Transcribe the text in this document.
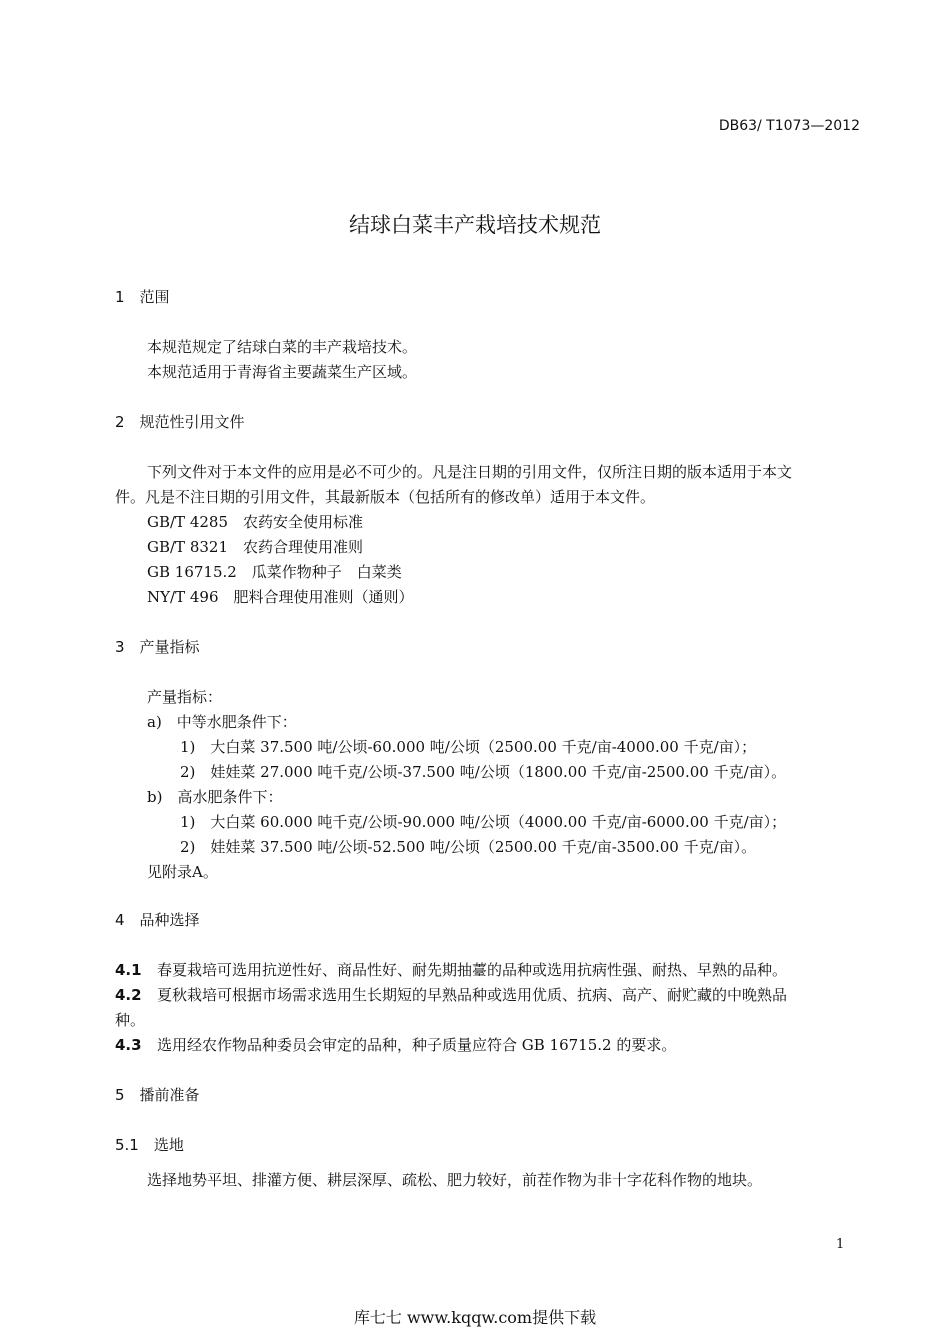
DB63/ T1073—2012
结球白菜丰产栽培技术规范
1　范围
本规范规定了结球白菜的丰产栽培技术。
本规范适用于青海省主要蔬菜生产区域。
2　规范性引用文件
下列文件对于本文件的应用是必不可少的。凡是注日期的引用文件，仅所注日期的版本适用于本文
件。凡是不注日期的引用文件，其最新版本（包括所有的修改单）适用于本文件。
GB/T 4285　农药安全使用标准
GB/T 8321　农药合理使用准则
GB 16715.2　瓜菜作物种子　白菜类
NY/T 496　肥料合理使用准则（通则）
3　产量指标
产量指标：
a)　中等水肥条件下：
1)　大白菜 37.500 吨/公顷-60.000 吨/公顷（2500.00 千克/亩-4000.00 千克/亩）；
2)　娃娃菜 27.000 吨千克/公顷-37.500 吨/公顷（1800.00 千克/亩-2500.00 千克/亩）。
b)　高水肥条件下：
1)　大白菜 60.000 吨千克/公顷-90.000 吨/公顷（4000.00 千克/亩-6000.00 千克/亩）；
2)　娃娃菜 37.500 吨/公顷-52.500 吨/公顷（2500.00 千克/亩-3500.00 千克/亩）。
见附录A。
4　品种选择
4.1 春夏栽培可选用抗逆性好、商品性好、耐先期抽薹的品种或选用抗病性强、耐热、早熟的品种。
4.2 夏秋栽培可根据市场需求选用生长期短的早熟品种或选用优质、抗病、高产、耐贮藏的中晚熟品
种。
4.3 选用经农作物品种委员会审定的品种，种子质量应符合 GB 16715.2 的要求。
5　播前准备
5.1　选地
选择地势平坦、排灌方便、耕层深厚、疏松、肥力较好，前茬作物为非十字花科作物的地块。
1
库七七 www.kqqw.com提供下载
